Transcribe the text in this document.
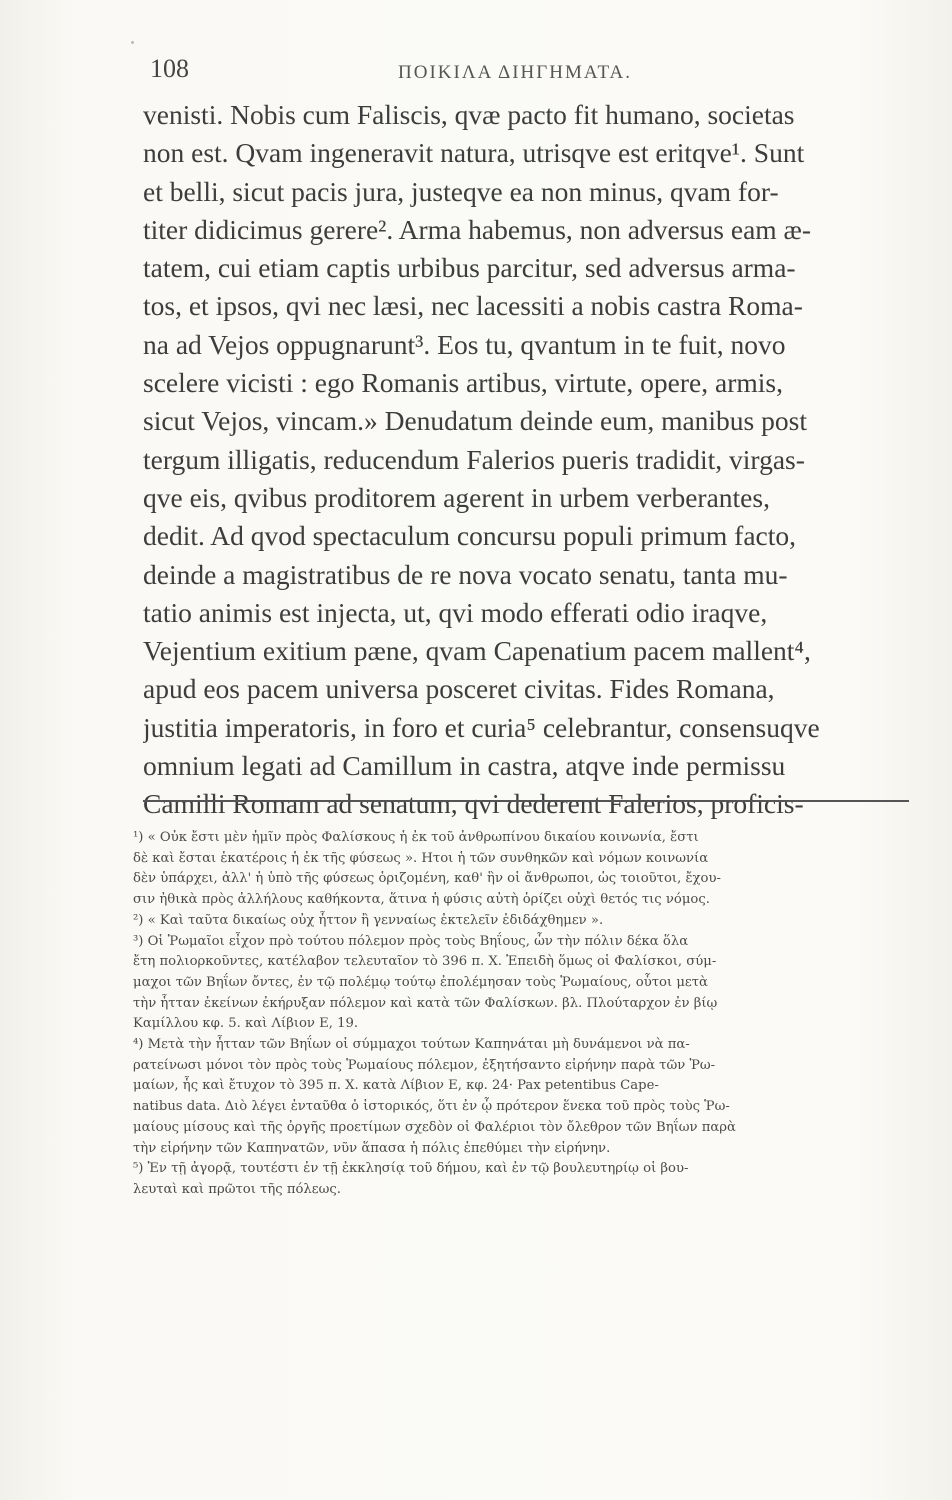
108	ΠΟΙΚΙΛΑ ΔΙΗΓΗΜΑΤΑ.
venisti. Nobis cum Faliscis, qvæ pacto fit humano, societas
non est. Qvam ingeneravit natura, utrisqve est eritqve¹. Sunt
et belli, sicut pacis jura, justeqve ea non minus, qvam for-
titer didicimus gerere². Arma habemus, non adversus eam æ-
tatem, cui etiam captis urbibus parcitur, sed adversus arma-
tos, et ipsos, qvi nec læsi, nec lacessiti a nobis castra Roma-
na ad Vejos oppugnarunt³. Eos tu, qvantum in te fuit, novo
scelere vicisti : ego Romanis artibus, virtute, opere, armis,
sicut Vejos, vincam.» Denudatum deinde eum, manibus post
tergum illigatis, reducendum Falerios pueris tradidit, virgas-
qve eis, qvibus proditorem agerent in urbem verberantes,
dedit. Ad qvod spectaculum concursu populi primum facto,
deinde a magistratibus de re nova vocato senatu, tanta mu-
tatio animis est injecta, ut, qvi modo efferati odio iraqve,
Vejentium exitium pæne, qvam Capenatium pacem mallent⁴,
apud eos pacem universa posceret civitas. Fides Romana,
justitia imperatoris, in foro et curia⁵ celebrantur, consensuqve
omnium legati ad Camillum in castra, atqve inde permissu
Camilli Romam ad senatum, qvi dederent Falerios, proficis-
¹) « Οὐκ ἔστι μὲν ἡμῖν πρὸς Φαλίσκους ἡ ἐκ τοῦ ἀνθρωπίνου δικαίου κοινωνία, ἔστι
δὲ καὶ ἔσται ἑκατέροις ἡ ἐκ τῆς φύσεως ». Ητοι ἡ τῶν συνθηκῶν καὶ νόμων κοινωνία
δὲν ὑπάρχει, ἀλλ' ἡ ὑπὸ τῆς φύσεως ὁριζομένη, καθ' ἣν οἱ ἄνθρωποι, ὡς τοιοῦτοι, ἔχου-
σιν ἠθικὰ πρὸς ἀλλήλους καθήκοντα, ἅτινα ἡ φύσις αὐτὴ ὁρίζει οὐχὶ θετός τις νόμος.
²) « Καὶ ταῦτα δικαίως οὐχ ἧττον ἢ γενναίως ἐκτελεῖν ἐδιδάχθημεν ».
³) Οἱ Ῥωμαῖοι εἶχον πρὸ τούτου πόλεμον πρὸς τοὺς Βηΐους, ὧν τὴν πόλιν δέκα ὅλα
ἔτη πολιορκοῦντες, κατέλαβον τελευταῖον τὸ 396 π. Χ. Ἐπειδὴ ὅμως οἱ Φαλίσκοι, σύμ-
μαχοι τῶν Βηΐων ὄντες, ἐν τῷ πολέμῳ τούτῳ ἐπολέμησαν τοὺς Ῥωμαίους, οὗτοι μετὰ
τὴν ἧτταν ἐκείνων ἐκήρυξαν πόλεμον καὶ κατὰ τῶν Φαλίσκων. βλ. Πλούταρχον ἐν βίῳ
Καμίλλου κφ. 5. καὶ Λίβιον Ε, 19.
⁴) Μετὰ τὴν ἧτταν τῶν Βηΐων οἱ σύμμαχοι τούτων Καπηνάται μὴ δυνάμενοι νὰ πα-
ρατείνωσι μόνοι τὸν πρὸς τοὺς Ῥωμαίους πόλεμον, ἐξητήσαντο εἰρήνην παρὰ τῶν Ῥω-
μαίων, ἧς καὶ ἔτυχον τὸ 395 π. Χ. κατὰ Λίβιον Ε, κφ. 24· Pax petentibus Cape-
natibus data. Διὸ λέγει ἐνταῦθα ὁ ἱστορικός, ὅτι ἐν ᾧ πρότερον ἕνεκα τοῦ πρὸς τοὺς Ῥω-
μαίους μίσους καὶ τῆς ὀργῆς προετίμων σχεδὸν οἱ Φαλέριοι τὸν ὄλεθρον τῶν Βηΐων παρὰ
τὴν εἰρήνην τῶν Καπηνατῶν, νῦν ἅπασα ἡ πόλις ἐπεθύμει τὴν εἰρήνην.
⁵) Ἐν τῇ ἀγορᾷ, τουτέστι ἐν τῇ ἐκκλησίᾳ τοῦ δήμου, καὶ ἐν τῷ βουλευτηρίῳ οἱ βου-
λευταὶ καὶ πρῶτοι τῆς πόλεως.
